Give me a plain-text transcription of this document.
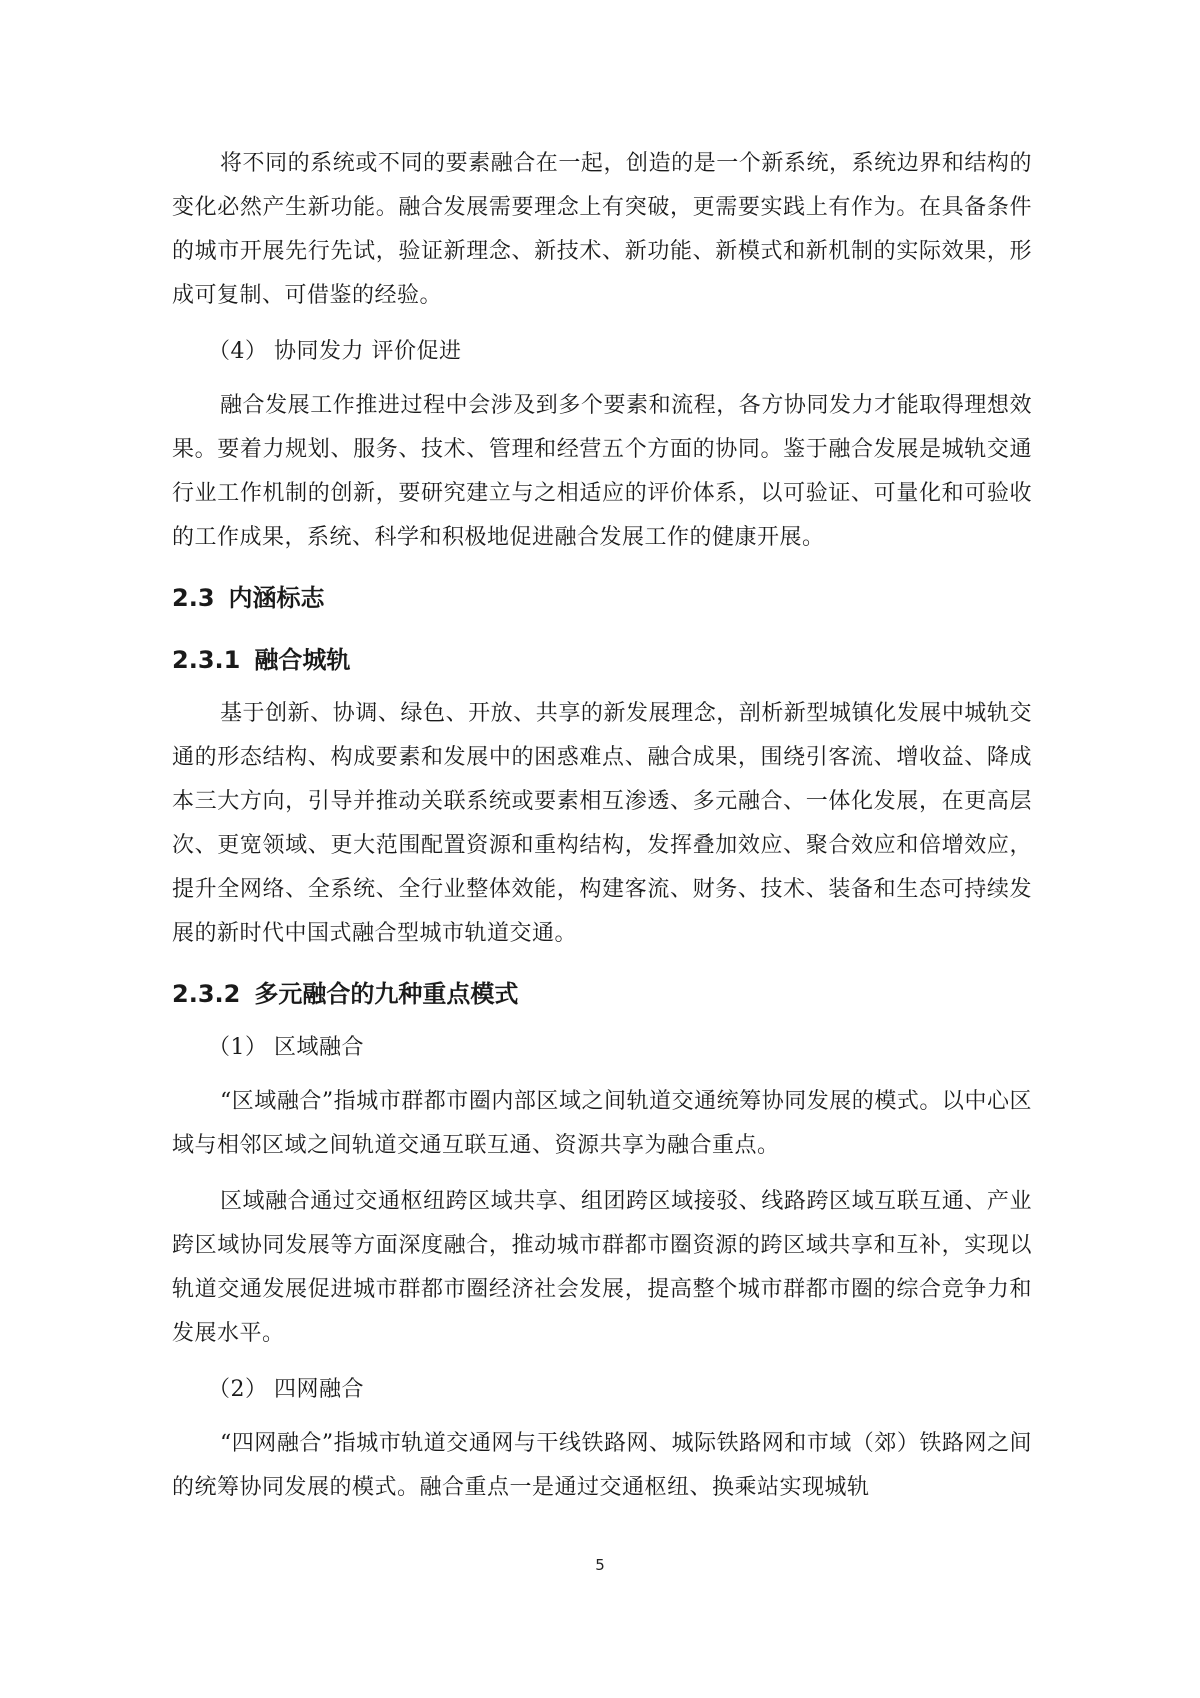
将不同的系统或不同的要素融合在一起，创造的是一个新系统，系统边界和结构的变化必然产生新功能。融合发展需要理念上有突破，更需要实践上有作为。在具备条件的城市开展先行先试，验证新理念、新技术、新功能、新模式和新机制的实际效果，形成可复制、可借鉴的经验。

（4） 协同发力 评价促进

融合发展工作推进过程中会涉及到多个要素和流程，各方协同发力才能取得理想效果。要着力规划、服务、技术、管理和经营五个方面的协同。鉴于融合发展是城轨交通行业工作机制的创新，要研究建立与之相适应的评价体系，以可验证、可量化和可验收的工作成果，系统、科学和积极地促进融合发展工作的健康开展。

2.3 内涵标志
2.3.1 融合城轨

基于创新、协调、绿色、开放、共享的新发展理念，剖析新型城镇化发展中城轨交通的形态结构、构成要素和发展中的困惑难点、融合成果，围绕引客流、增收益、降成本三大方向，引导并推动关联系统或要素相互渗透、多元融合、一体化发展，在更高层次、更宽领域、更大范围配置资源和重构结构，发挥叠加效应、聚合效应和倍增效应，提升全网络、全系统、全行业整体效能，构建客流、财务、技术、装备和生态可持续发展的新时代中国式融合型城市轨道交通。

2.3.2 多元融合的九种重点模式

（1） 区域融合

“区域融合”指城市群都市圈内部区域之间轨道交通统筹协同发展的模式。以中心区域与相邻区域之间轨道交通互联互通、资源共享为融合重点。

区域融合通过交通枢纽跨区域共享、组团跨区域接驳、线路跨区域互联互通、产业跨区域协同发展等方面深度融合，推动城市群都市圈资源的跨区域共享和互补，实现以轨道交通发展促进城市群都市圈经济社会发展，提高整个城市群都市圈的综合竞争力和发展水平。

（2） 四网融合

“四网融合”指城市轨道交通网与干线铁路网、城际铁路网和市域（郊）铁路网之间的统筹协同发展的模式。融合重点一是通过交通枢纽、换乘站实现城轨

5
